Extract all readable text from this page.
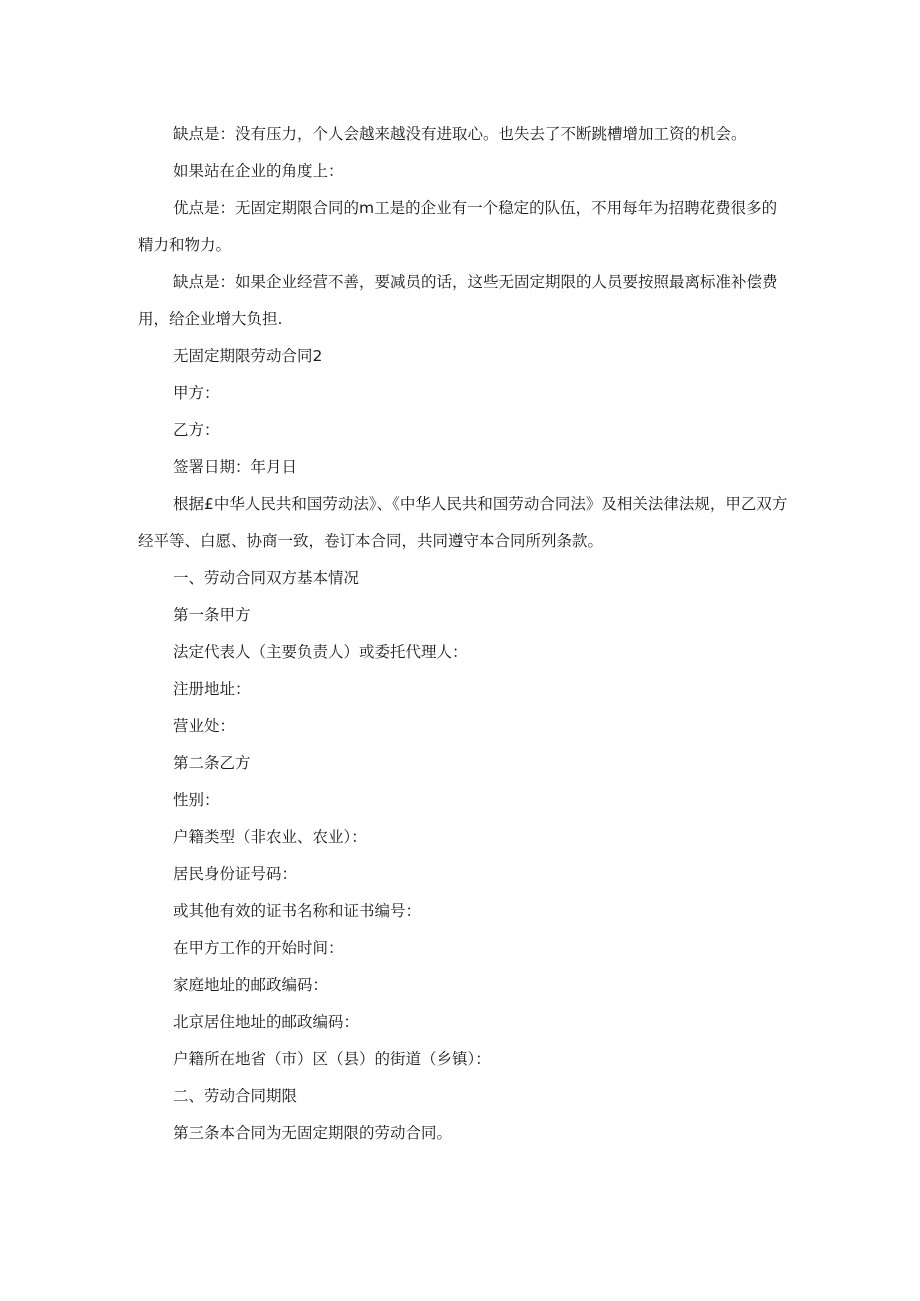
缺点是：没有压力，个人会越来越没有进取心。也失去了不断跳槽增加工资的机会。

如果站在企业的角度上：

优点是：无固定期限合同的m工是的企业有一个稳定的队伍，不用每年为招聘花费很多的精力和物力。

缺点是：如果企业经营不善，要减员的话，这些无固定期限的人员要按照最离标准补偿费用，给企业增大负担.

无固定期限劳动合同2

甲方：

乙方：

签署日期：年月日

根据£中华人民共和国劳动法》、《中华人民共和国劳动合同法》及相关法律法规，甲乙双方经平等、白愿、协商一致，卷订本合同，共同遵守本合同所列条款。

一、劳动合同双方基本情况

第一条甲方

法定代表人（主要负责人）或委托代理人：

注册地址：

营业处：

第二条乙方

性别：

户籍类型（非农业、农业）：

居民身份证号码：

或其他有效的证书名称和证书编号：

在甲方工作的开始时间：

家庭地址的邮政编码：

北京居住地址的邮政编码：

户籍所在地省（市）区（县）的街道（乡镇）：

二、劳动合同期限

第三条本合同为无固定期限的劳动合同。
